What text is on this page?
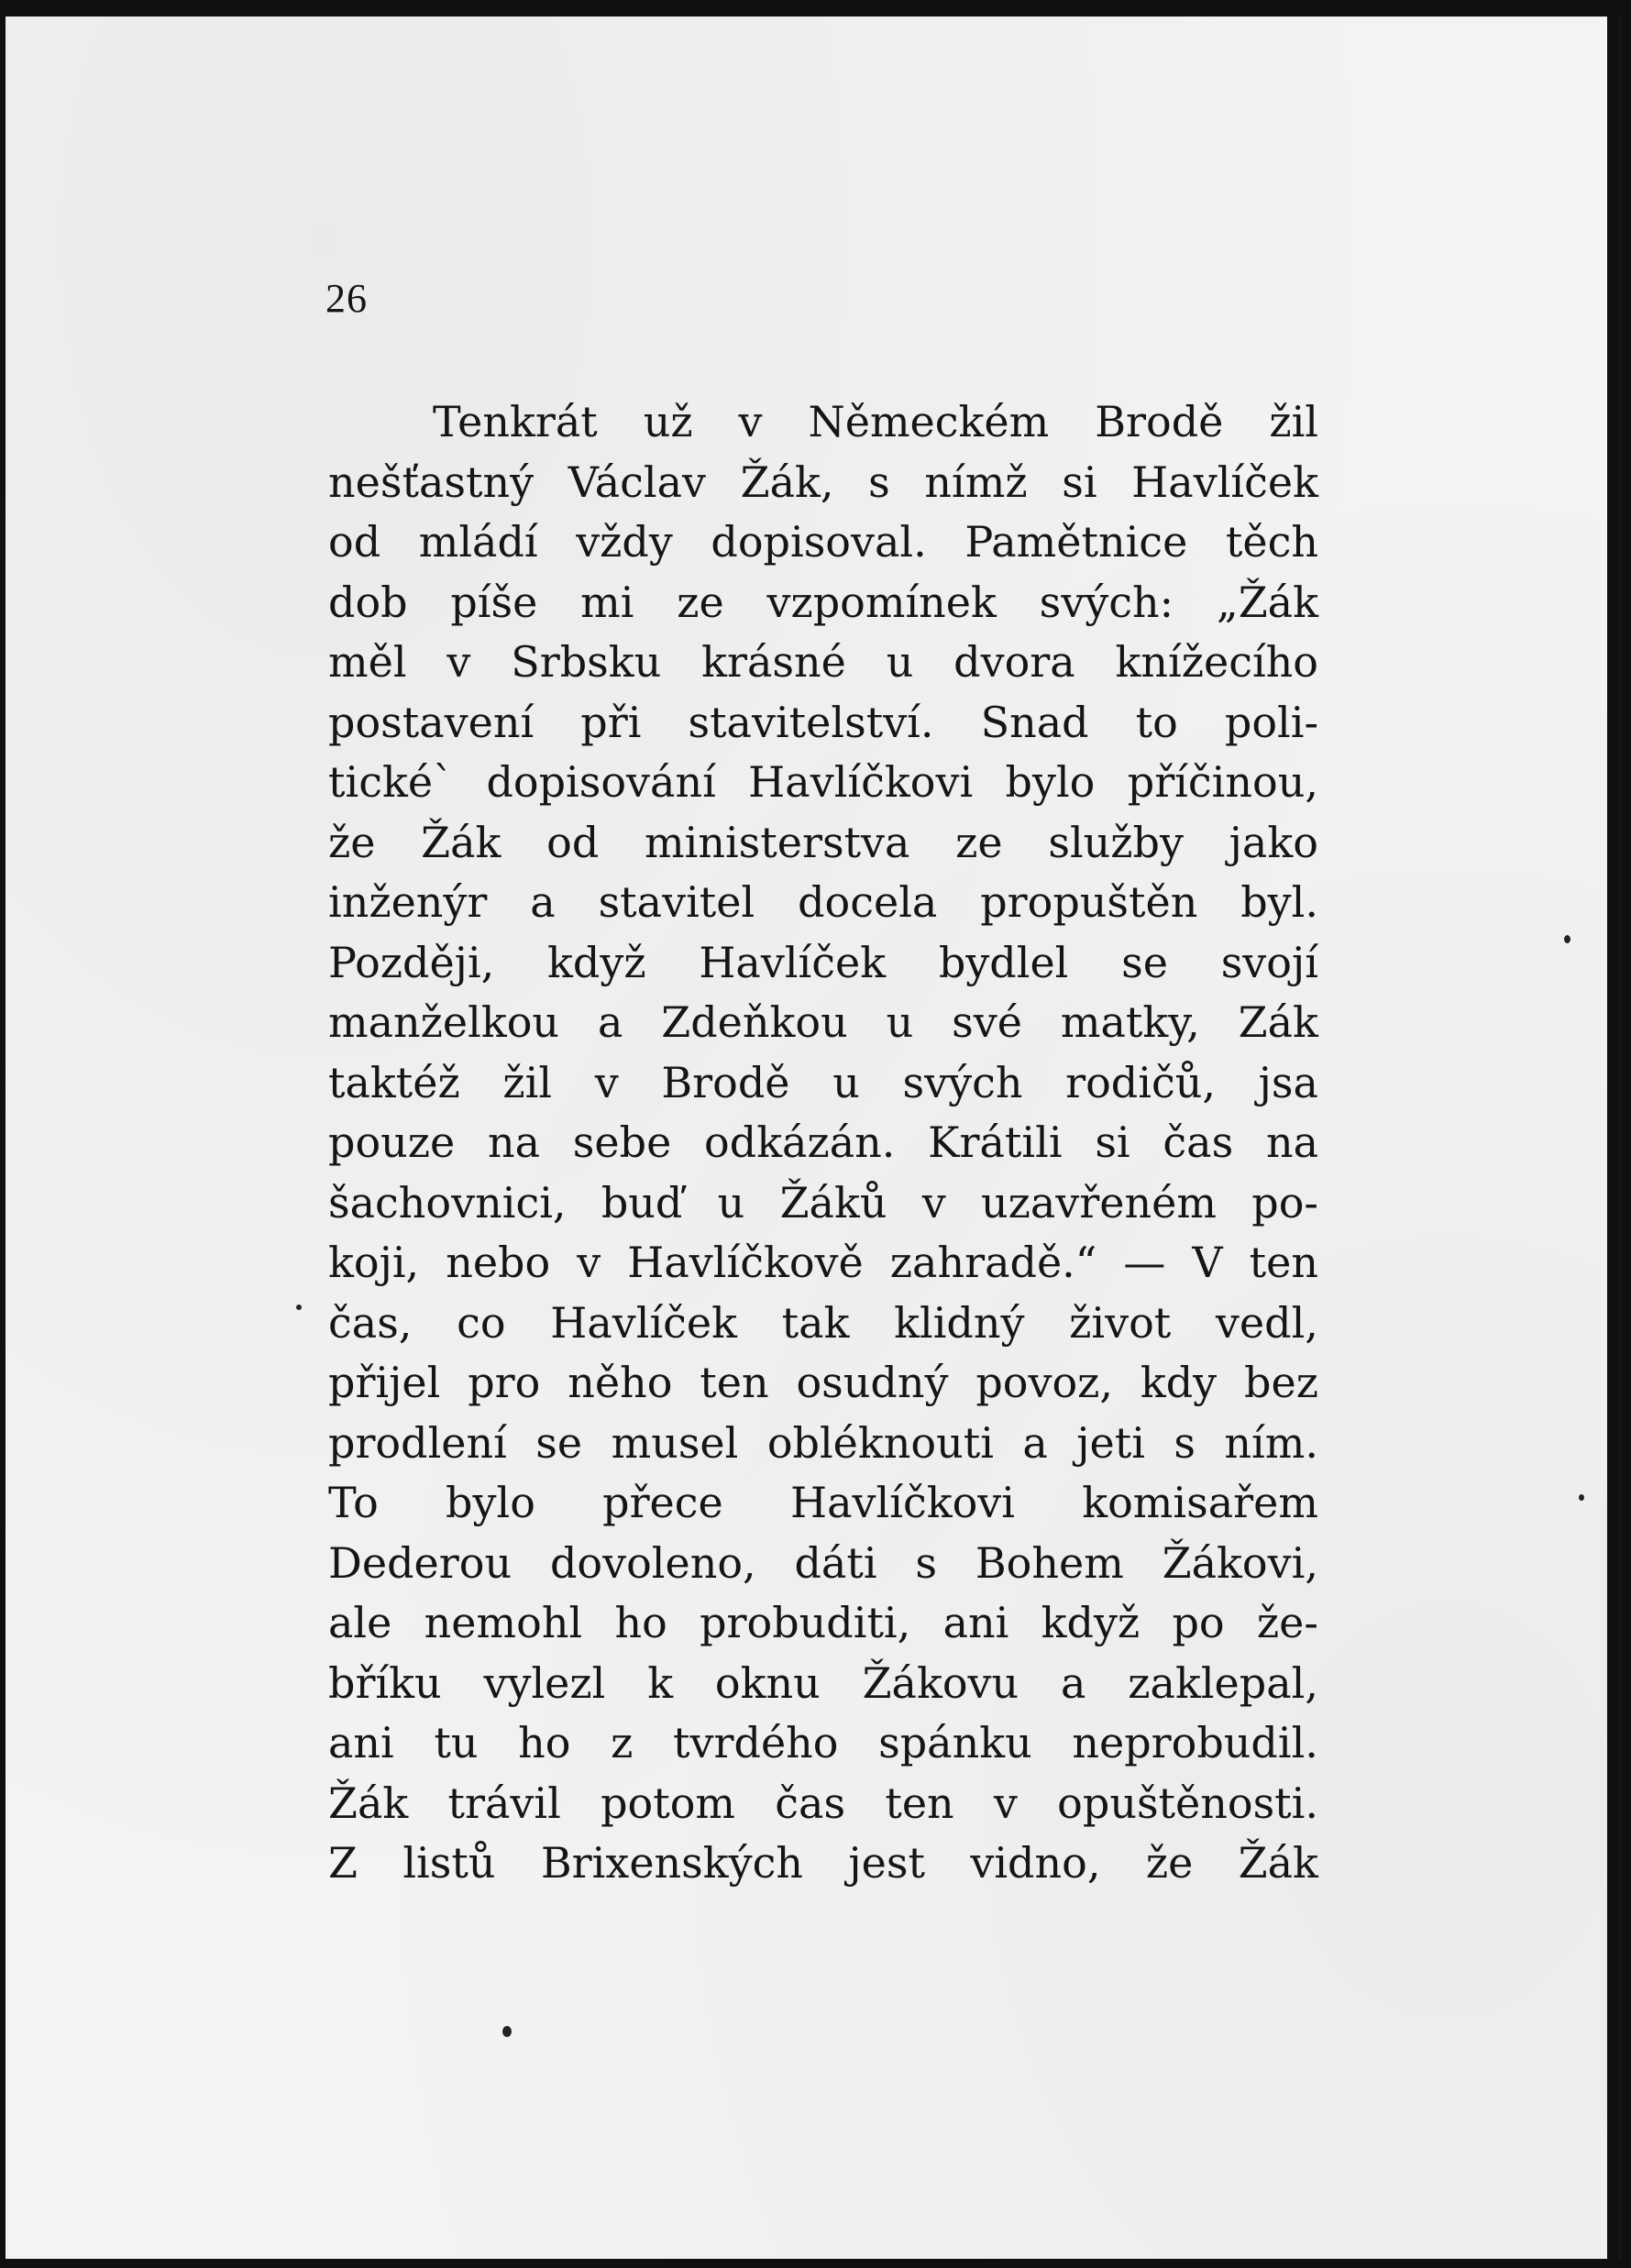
26
Tenkrát už v Německém Brodě žil
nešťastný Václav Žák, s nímž si Havlíček
od mládí vždy dopisoval. Pamětnice těch
dob píše mi ze vzpomínek svých: „Žák
měl v Srbsku krásné u dvora knížecího
postavení při stavitelství. Snad to poli-
tické` dopisování Havlíčkovi bylo příčinou,
že Žák od ministerstva ze služby jako
inženýr a stavitel docela propuštěn byl.
Později, když Havlíček bydlel se svojí
manželkou a Zdeňkou u své matky, Zák
taktéž žil v Brodě u svých rodičů, jsa
pouze na sebe odkázán. Krátili si čas na
šachovnici, buď u Žáků v uzavřeném po-
koji, nebo v Havlíčkově zahradě.“ — V ten
čas, co Havlíček tak klidný život vedl,
přijel pro něho ten osudný povoz, kdy bez
prodlení se musel obléknouti a jeti s ním.
To bylo přece Havlíčkovi komisařem
Dederou dovoleno, dáti s Bohem Žákovi,
ale nemohl ho probuditi, ani když po že-
bříku vylezl k oknu Žákovu a zaklepal,
ani tu ho z tvrdého spánku neprobudil.
Žák trávil potom čas ten v opuštěnosti.
Z listů Brixenských jest vidno, že Žák
